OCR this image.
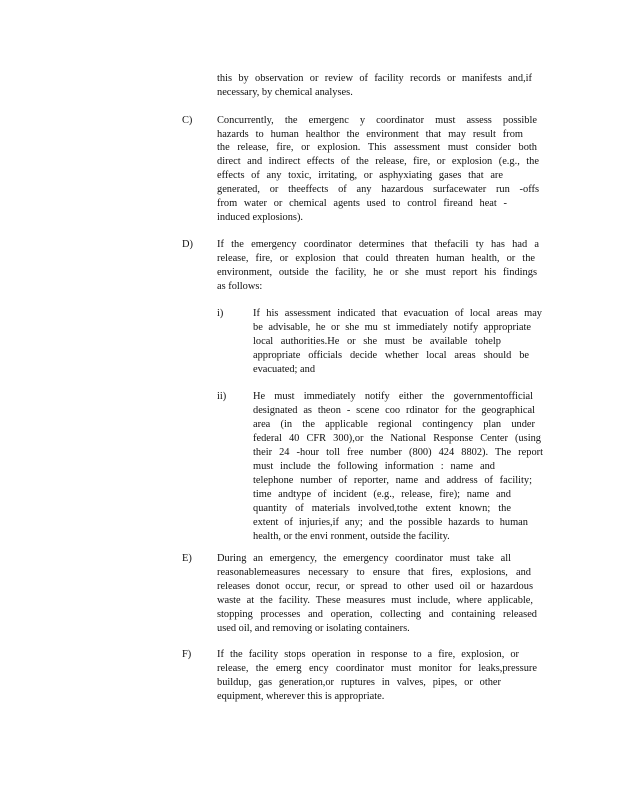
this by observation or review of facility records or manifests and,if
necessary, by chemical analyses.
C) Concurrently, the emergenc y coordinator must assess possible
hazards to human healthor the environment that may result from
the release, fire, or explosion. This assessment must consider both
direct and indirect effects of the release, fire, or explosion (e.g., the
effects of any toxic, irritating, or asphyxiating gases that are
generated, or theeffects of any hazardous surfacewater run -offs
from water or chemical agents used to control fireand heat -
induced explosions).
D) If the emergency coordinator determines that thefacili ty has had a
release, fire, or explosion that could threaten human health, or the
environment, outside the facility, he or she must report his findings
as follows:
i)	If his assessment indicated that evacuation of local areas may
be advisable, he or she mu st immediately notify appropriate
local authorities.He or she must be available tohelp
appropriate officials decide whether local areas should be
evacuated; and
ii)	He must immediately notify either the governmentofficial
designated as theon - scene coo rdinator for the geographical
area (in the applicable regional contingency plan under
federal 40 CFR 300),or the National Response Center (using
their 24 -hour toll free number (800) 424 8802). The report
must include the following information : name and
telephone number of reporter, name and address of facility;
time andtype of incident (e.g., release, fire); name and
quantity of materials involved,tothe extent known; the
extent of injuries,if any; and the possible hazards to human
health, or the envi ronment, outside the facility.
E) During an emergency, the emergency coordinator must take all
reasonablemeasures necessary to ensure that fires, explosions, and
releases donot occur, recur, or spread to other used oil or hazardous
waste at the facility. These measures must include, where applicable,
stopping processes and operation, collecting and containing released
used oil, and removing or isolating containers.
F) If the facility stops operation in response to a fire, explosion, or
release, the emerg ency coordinator must monitor for leaks,pressure
buildup, gas generation,or ruptures in valves, pipes, or other
equipment, wherever this is appropriate.
